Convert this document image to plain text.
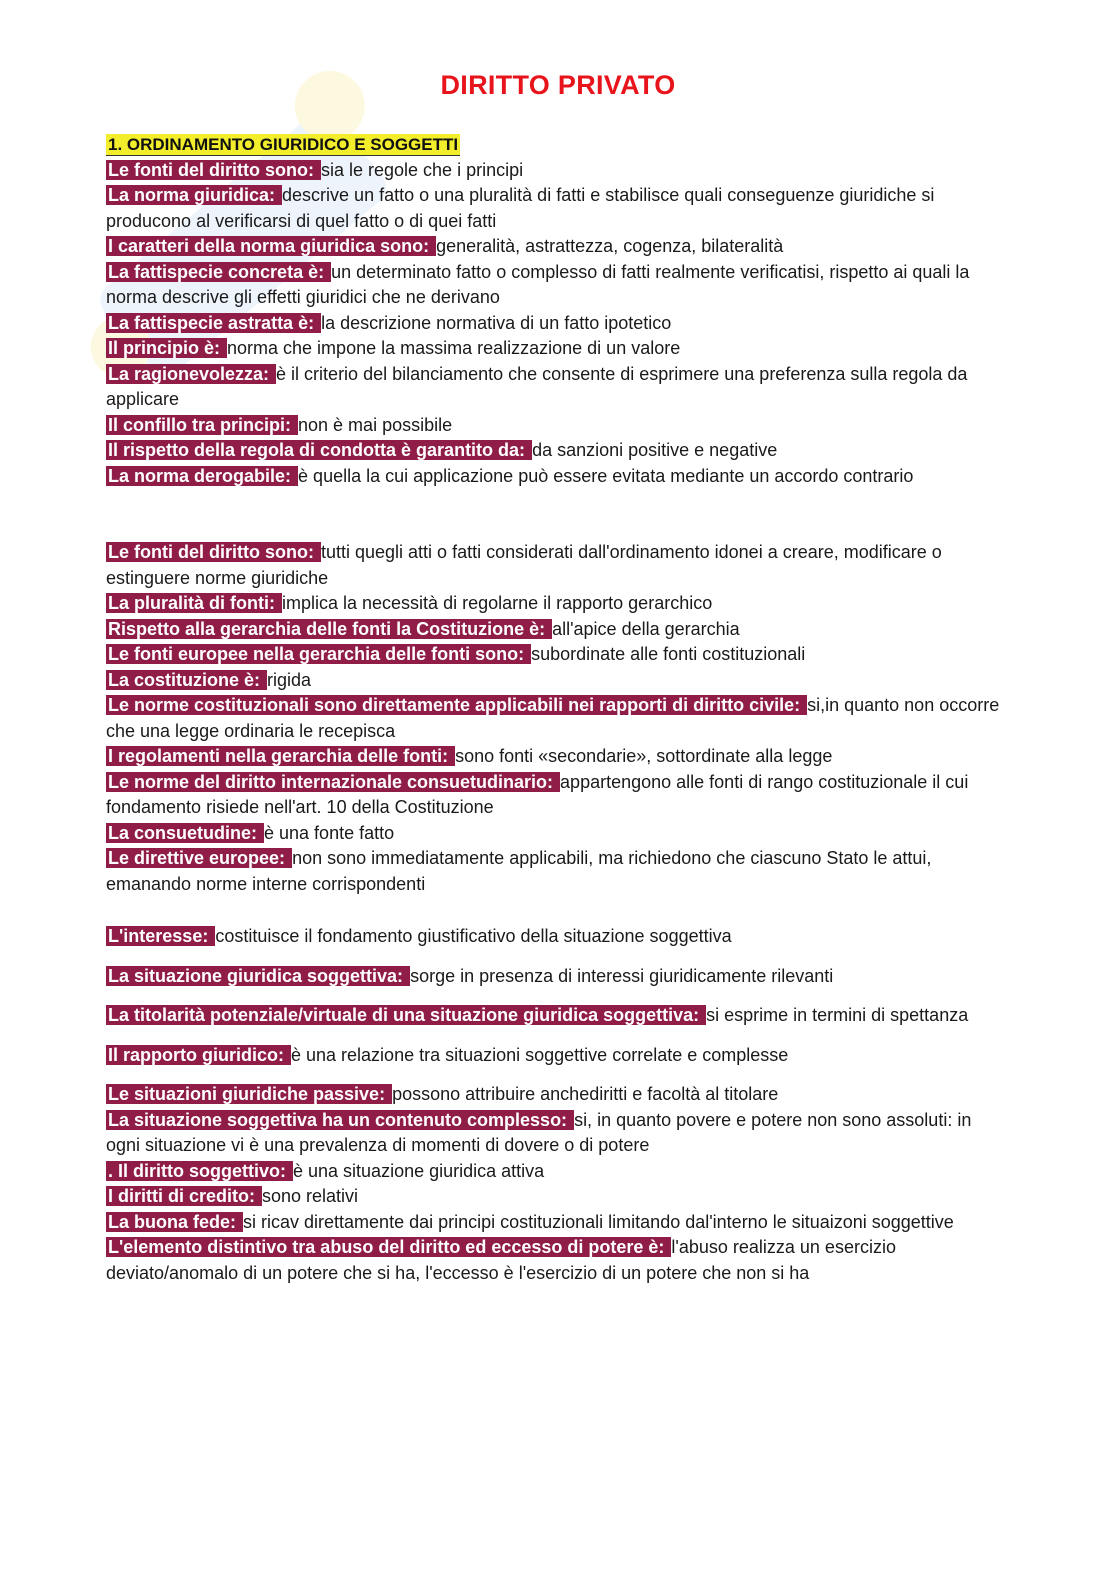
DIRITTO PRIVATO
1. ORDINAMENTO GIURIDICO E SOGGETTI

Le fonti del diritto sono: sia le regole che i principi

La norma giuridica: descrive un fatto o una pluralità di fatti e stabilisce quali conseguenze giuridiche si producono al verificarsi di quel fatto o di quei fatti

I caratteri della norma giuridica sono: generalità, astrattezza, cogenza, bilateralità

La fattispecie concreta è: un determinato fatto o complesso di fatti realmente verificatisi, rispetto ai quali la norma descrive gli effetti giuridici che ne derivano

La fattispecie astratta è: la descrizione normativa di un fatto ipotetico

Il principio è: norma che impone la massima realizzazione di un valore

La ragionevolezza: è il criterio del bilanciamento che consente di esprimere una preferenza sulla regola da applicare

Il confillo tra principi: non è mai possibile

Il rispetto della regola di condotta è garantito da: da sanzioni positive e negative

La norma derogabile: è quella la cui applicazione può essere evitata mediante un accordo contrario

Le fonti del diritto sono: tutti quegli atti o fatti considerati dall'ordinamento idonei a creare, modificare o estinguere norme giuridiche

La pluralità di fonti: implica la necessità di regolarne il rapporto gerarchico

Rispetto alla gerarchia delle fonti la Costituzione è: all'apice della gerarchia

Le fonti europee nella gerarchia delle fonti sono: subordinate alle fonti costituzionali

La costituzione è: rigida

Le norme costituzionali sono direttamente applicabili nei rapporti di diritto civile: si,in quanto non occorre che una legge ordinaria le recepisca

I regolamenti nella gerarchia delle fonti: sono fonti «secondarie», sottordinate alla legge

Le norme del diritto internazionale consuetudinario: appartengono alle fonti di rango costituzionale il cui fondamento risiede nell'art. 10 della Costituzione

La consuetudine: è una fonte fatto

Le direttive europee: non sono immediatamente applicabili, ma richiedono che ciascuno Stato le attui, emanando norme interne corrispondenti

L'interesse: costituisce il fondamento giustificativo della situazione soggettiva

La situazione giuridica soggettiva: sorge in presenza di interessi giuridicamente rilevanti

La titolarità potenziale/virtuale di una situazione giuridica soggettiva: si esprime in termini di spettanza

Il rapporto giuridico: è una relazione tra situazioni soggettive correlate e complesse

Le situazioni giuridiche passive: possono attribuire anchediritti e facoltà al titolare

La situazione soggettiva ha un contenuto complesso: si, in quanto povere e potere non sono assoluti: in ogni situazione vi è una prevalenza di momenti di dovere o di potere

. Il diritto soggettivo: è una situazione giuridica attiva

I diritti di credito: sono relativi

La buona fede: si ricav direttamente dai principi costituzionali limitando dal'interno le situaizoni soggettive

L'elemento distintivo tra abuso del diritto ed eccesso di potere è: l'abuso realizza un esercizio deviato/anomalo di un potere che si ha, l'eccesso è l'esercizio di un potere che non si ha
